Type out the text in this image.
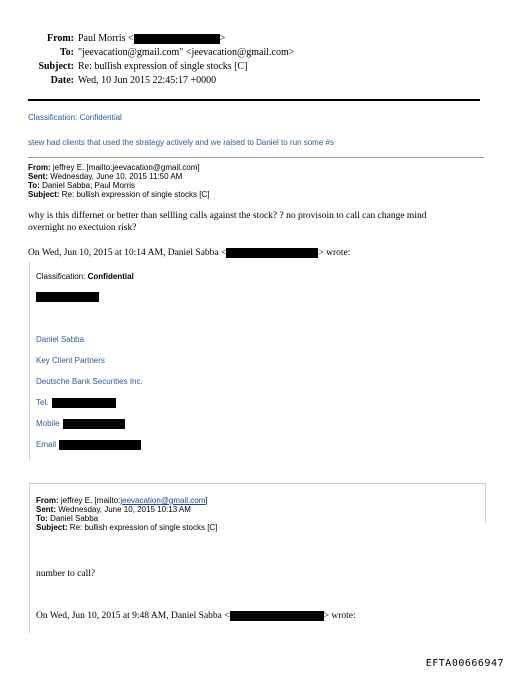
From: Paul Morris <	>
To: "jeevacation@gmail.com" <jeevacation@gmail.com>
Subject: Re: bullish expression of single stocks [C]
Date: Wed, 10 Jun 2015 22:45:17 +0000
Classification: Confidential
stew had clients that used the strategy actively and we raised to Daniel to run some #s
From: jeffrey E. [mailto:jeevacation@gmail.com]
Sent: Wednesday, June 10, 2015 11:50 AM
To: Daniel Sabba; Paul Morris
Subject: Re: bullish expression of single stocks [C]
why is this differnet or better than sellling calls against the stock? ? no provisoin to call can change mind
overnight no exectuion risk?
On Wed, Jun 10, 2015 at 10:14 AM, Daniel Sabba <	> wrote:
Classification: Confidential
Daniel Sabba
Key Client Partners
Deutsche Bank Securities Inc.
Tel.
Mobile
Email
From: jeffrey E. [mailto:jeevacation@gmail.com]
Sent: Wednesday, June 10, 2015 10:13 AM
To: Daniel Sabba
Subject: Re: bullish expression of single stocks [C]
number to call?
On Wed, Jun 10, 2015 at 9:48 AM, Daniel Sabba <	> wrote:
EFTA00666947
